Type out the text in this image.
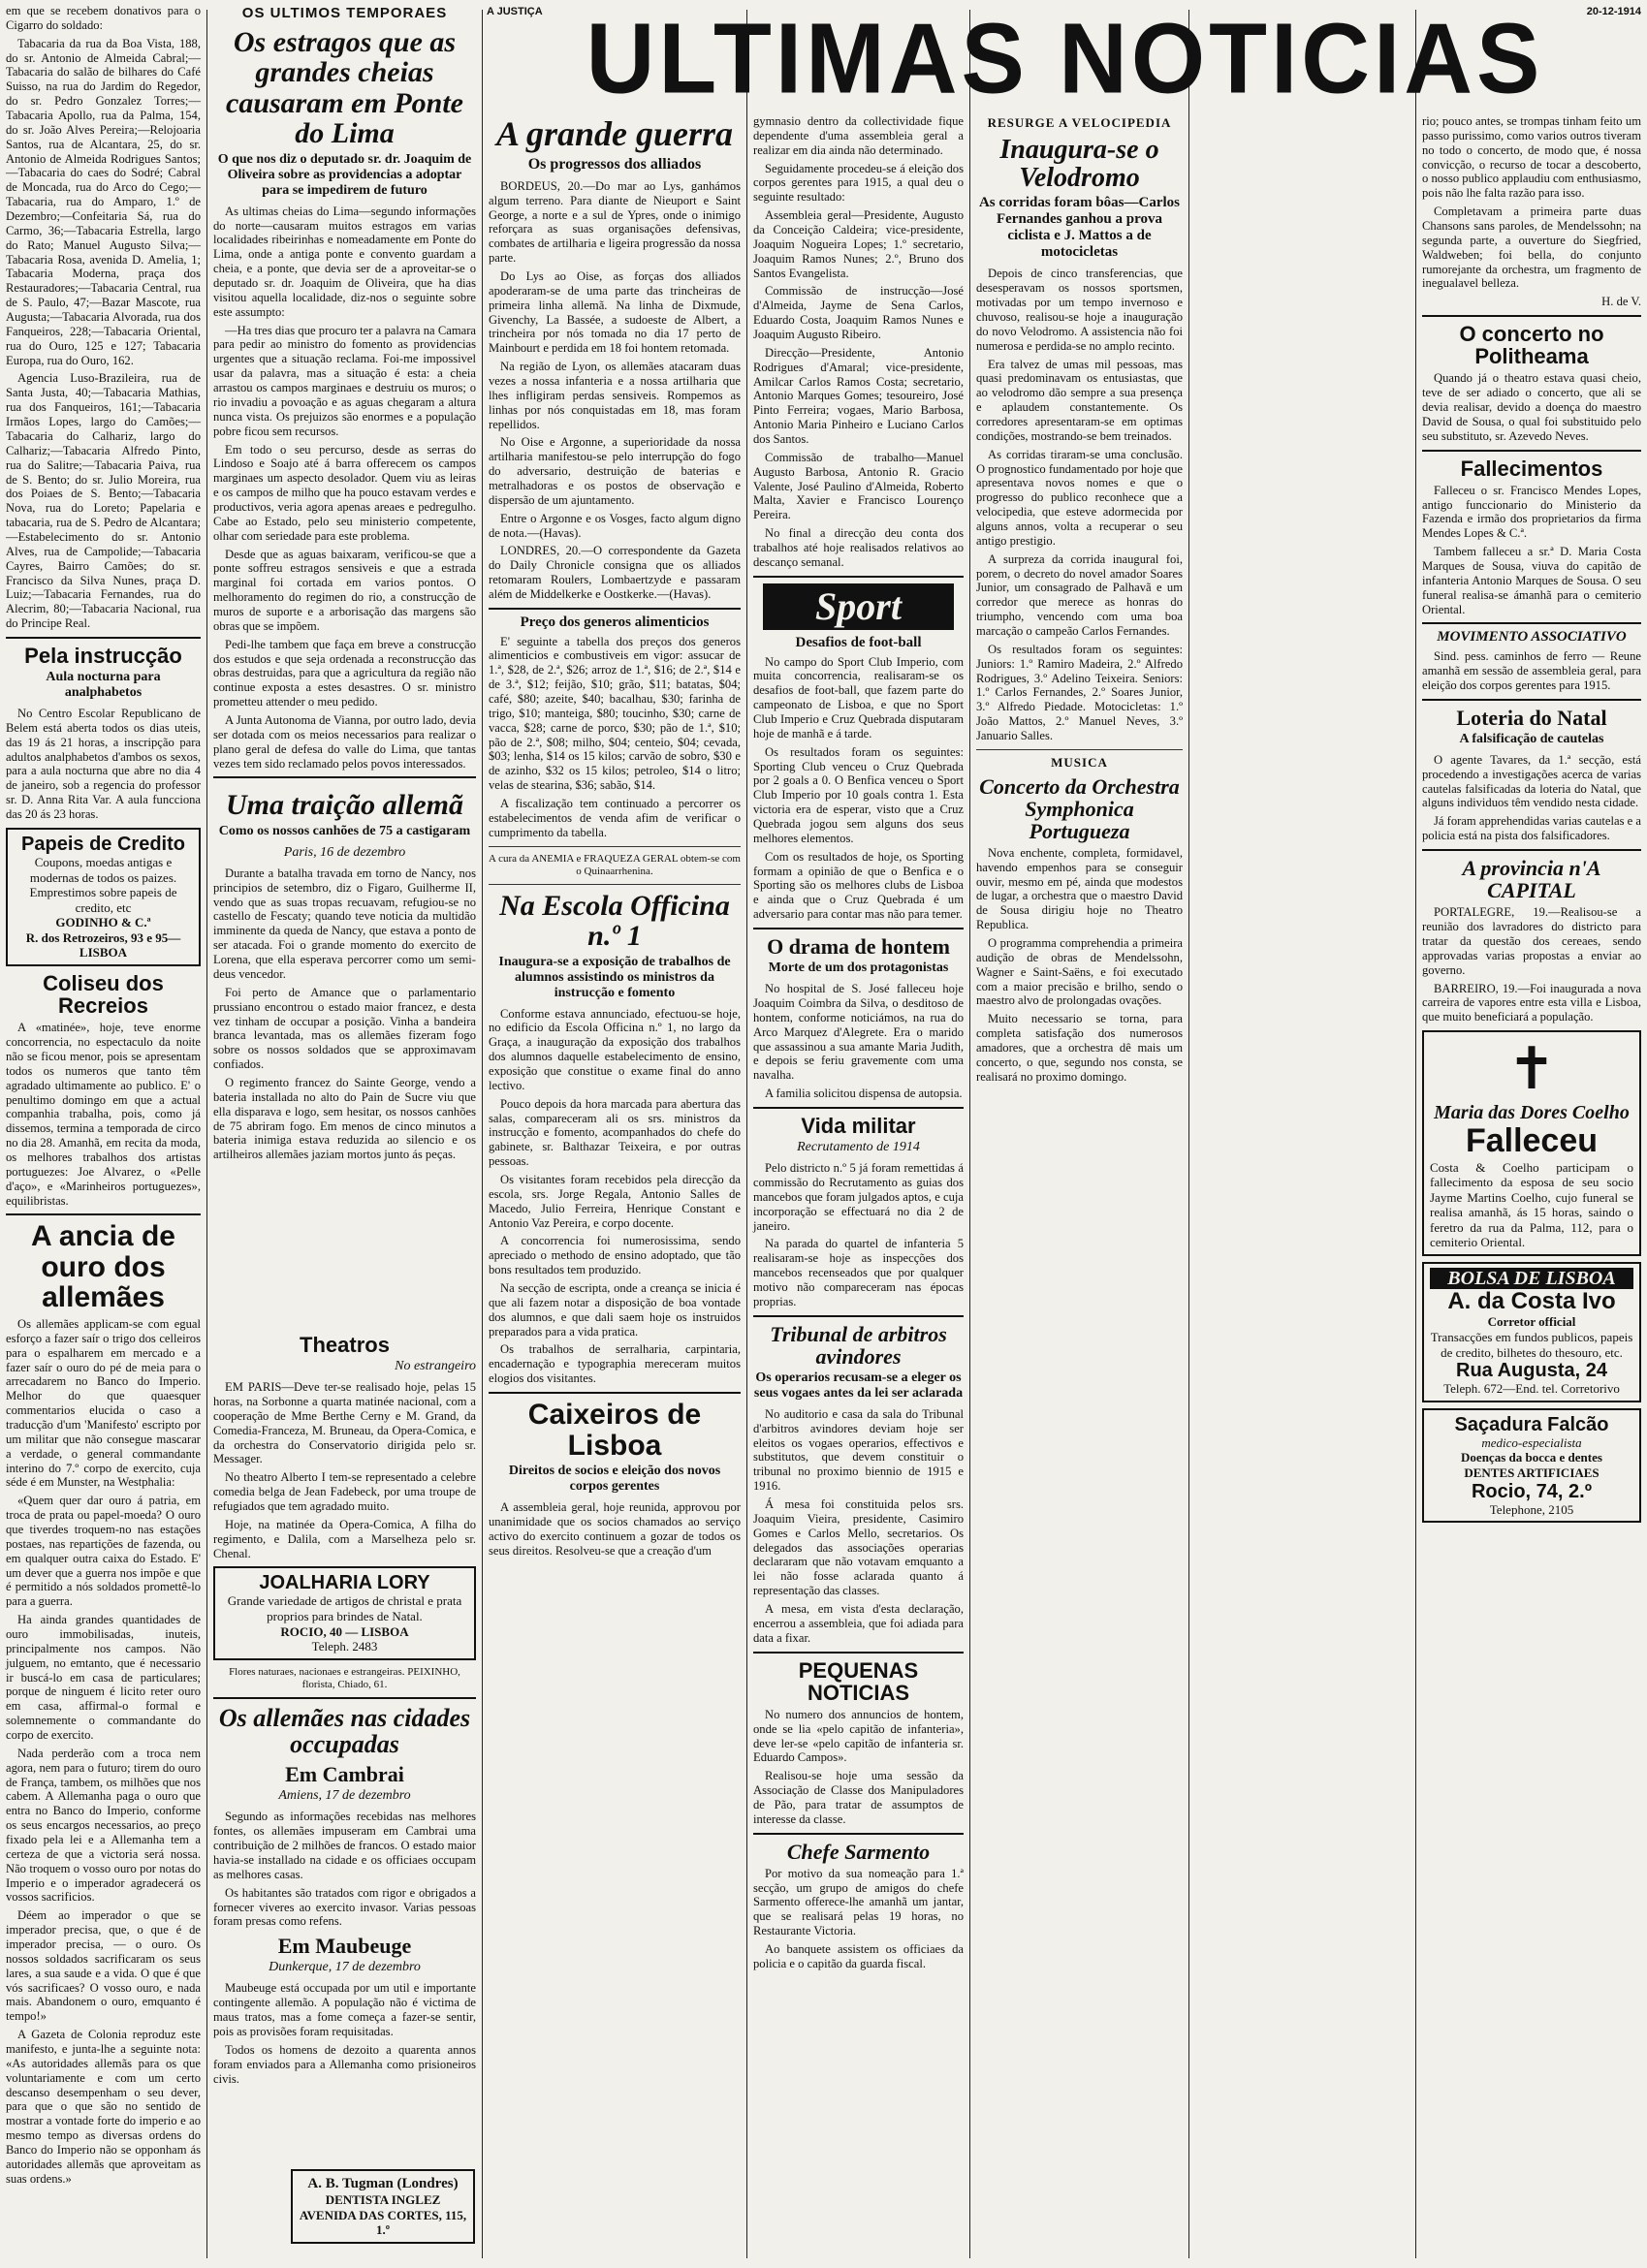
A JUSTIÇA	20-12-1914
ULTIMAS NOTICIAS

em que se recebem donativos para o Cigarro do soldado:

Tabacaria da rua da Boa Vista, 188, do sr. Antonio de Almeida Cabral;—Tabacaria do salão de bilhares do Café Suisso, na rua do Jardim do Regedor, do sr. Pedro Gonzalez Torres;—Tabacaria Apollo, rua da Palma, 154, do sr. João Alves Pereira;—Relojoaria Santos, rua de Alcantara, 25, do sr. Antonio de Almeida Rodrigues Santos;—Tabacaria do caes do Sodré; Cabral de Moncada, rua do Arco do Cego;—Tabacaria, rua do Amparo, 1.º de Dezembro;—Confeitaria Sá, rua do Carmo, 36;—Tabacaria Estrella, largo do Rato; Manuel Augusto Silva;—Tabacaria Rosa, avenida D. Amelia, 1; Tabacaria Moderna, praça dos Restauradores;—Tabacaria Central, rua de S. Paulo, 47;—Bazar Mascote, rua Augusta;—Tabacaria Alvorada, rua dos Fanqueiros, 228;—Tabacaria Oriental, rua do Ouro, 125 e 127; Tabacaria Europa, rua do Ouro, 162.

Agencia Luso-Brazileira, rua de Santa Justa, 40;—Tabacaria Mathias, rua dos Fanqueiros, 161;—Tabacaria Irmãos Lopes, largo do Camões;—Tabacaria do Calhariz, largo do Calhariz;—Tabacaria Alfredo Pinto, rua do Salitre;—Tabacaria Paiva, rua de S. Bento; do sr. Julio Moreira, rua dos Poiaes de S. Bento;—Tabacaria Nova, rua do Loreto; Papelaria e tabacaria, rua de S. Pedro de Alcantara;—Estabelecimento do sr. Antonio Alves, rua de Campolide;—Tabacaria Cayres, Bairro Camões; do sr. Francisco da Silva Nunes, praça D. Luiz;—Tabacaria Fernandes, rua do Alecrim, 80;—Tabacaria Nacional, rua do Principe Real.

Pela instrucção
Aula nocturna para analphabetos

No Centro Escolar Republicano de Belem está aberta todos os dias uteis, das 19 ás 21 horas, a inscripção para adultos analphabetos d'ambos os sexos, para a aula nocturna que abre no dia 4 de janeiro, sob a regencia do professor sr. D. Anna Rita Var. A aula funcciona das 20 ás 23 horas.

Papeis de Credito
Coupons, moedas antigas e modernas de todos os paizes.
Emprestimos sobre papeis de credito, etc
GODINHO & C.ª
R. dos Retrozeiros, 93 e 95—LISBOA
Coliseu dos Recreios

A «matinée», hoje, teve enorme concorrencia, no espectaculo da noite não se ficou menor, pois se apresentam todos os numeros que tanto têm agradado ultimamente ao publico. E' o penultimo domingo em que a actual companhia trabalha, pois, como já dissemos, termina a temporada de circo no dia 28. Amanhã, em recita da moda, os melhores trabalhos dos artistas portuguezes: Joe Alvarez, o «Pelle d'aço», e «Marinheiros portuguezes», equilibristas.

A ancia de ouro dos allemães

Os allemães applicam-se com egual esforço a fazer saír o trigo dos celleiros para o espalharem em mercado e a fazer saír o ouro do pé de meia para o arrecadarem no Banco do Imperio. Melhor do que quaesquer commentarios elucida o caso a traducção d'um 'Manifesto' escripto por um militar que não consegue mascarar a verdade, o general commandante interino do 7.º corpo de exercito, cuja séde é em Munster, na Westphalia:

«Quem quer dar ouro á patria, em troca de prata ou papel-moeda? O ouro que tiverdes troquem-no nas estações postaes, nas repartições de fazenda, ou em qualquer outra caixa do Estado. E' um dever que a guerra nos impõe e que é permitido a nós soldados promettê-lo para a guerra.

Ha ainda grandes quantidades de ouro immobilisadas, inuteis, principalmente nos campos. Não julguem, no emtanto, que é necessario ir buscá-lo em casa de particulares; porque de ninguem é licito reter ouro em casa, affirmal-o formal e solemnemente o commandante do corpo de exercito.

Nada perderão com a troca nem agora, nem para o futuro; tirem do ouro de França, tambem, os milhões que nos cabem. A Allemanha paga o ouro que entra no Banco do Imperio, conforme os seus encargos necessarios, ao preço fixado pela lei e a Allemanha tem a certeza de que a victoria será nossa. Não troquem o vosso ouro por notas do Imperio e o imperador agradecerá os vossos sacrificios.

Déem ao imperador o que se imperador precisa, que, o que é de imperador precisa, — o ouro. Os nossos soldados sacrificaram os seus lares, a sua saude e a vida. O que é que vós sacrificaes? O vosso ouro, e nada mais. Abandonem o ouro, emquanto é tempo!»

A Gazeta de Colonia reproduz este manifesto, e junta-lhe a seguinte nota: «As autoridades allemãs para os que voluntariamente e com um certo descanso desempenham o seu dever, para que o que são no sentido de mostrar a vontade forte do imperio e ao mesmo tempo as diversas ordens do Banco do Imperio não se opponham ás autoridades allemãs que aproveitam as suas ordens.»

OS ULTIMOS TEMPORAES
Os estragos que as grandes cheias causaram em Ponte do Lima
O que nos diz o deputado sr. dr. Joaquim de Oliveira sobre as providencias a adoptar para se impedirem de futuro

As ultimas cheias do Lima—segundo informações do norte—causaram muitos estragos em varias localidades ribeirinhas e nomeadamente em Ponte do Lima, onde a antiga ponte e convento guardam a cheia, e a ponte, que devia ser de a aproveitar-se o deputado sr. dr. Joaquim de Oliveira, que ha dias visitou aquella localidade, diz-nos o seguinte sobre este assumpto:

—Ha tres dias que procuro ter a palavra na Camara para pedir ao ministro do fomento as providencias urgentes que a situação reclama. Foi-me impossivel usar da palavra, mas a situação é esta: a cheia arrastou os campos marginaes e destruiu os muros; o rio invadiu a povoação e as aguas chegaram a altura nunca vista. Os prejuizos são enormes e a população pobre ficou sem recursos.

Em todo o seu percurso, desde as serras do Lindoso e Soajo até á barra offerecem os campos marginaes um aspecto desolador. Quem viu as leiras e os campos de milho que ha pouco estavam verdes e productivos, veria agora apenas areaes e pedregulho. Cabe ao Estado, pelo seu ministerio competente, olhar com seriedade para este problema.

Desde que as aguas baixaram, verificou-se que a ponte soffreu estragos sensiveis e que a estrada marginal foi cortada em varios pontos. O melhoramento do regimen do rio, a construcção de muros de suporte e a arborisação das margens são obras que se impõem.

Pedi-lhe tambem que faça em breve a construcção dos estudos e que seja ordenada a reconstrucção das obras destruidas, para que a agricultura da região não continue exposta a estes desastres. O sr. ministro prometteu attender o meu pedido.

A Junta Autonoma de Vianna, por outro lado, devia ser dotada com os meios necessarios para realizar o plano geral de defesa do valle do Lima, que tantas vezes tem sido reclamado pelos povos interessados.

Uma traição allemã
Como os nossos canhões de 75 a castigaram
Paris, 16 de dezembro

Durante a batalha travada em torno de Nancy, nos principios de setembro, diz o Figaro, Guilherme II, vendo que as suas tropas recuavam, refugiou-se no castello de Fescaty; quando teve noticia da multidão imminente da queda de Nancy, que estava a ponto de ser atacada. Foi o grande momento do exercito de Lorena, que ella esperava percorrer como um semi-deus vencedor.

Foi perto de Amance que o parlamentario prussiano encontrou o estado maior francez, e desta vez tinham de occupar a posição. Vinha a bandeira branca levantada, mas os allemães fizeram fogo sobre os nossos soldados que se approximavam confiados.

O regimento francez do Sainte George, vendo a bateria installada no alto do Pain de Sucre viu que ella disparava e logo, sem hesitar, os nossos canhões de 75 abriram fogo. Em menos de cinco minutos a bateria inimiga estava reduzida ao silencio e os artilheiros allemães jaziam mortos junto ás peças.

A grande guerra
Os progressos dos alliados

BORDEUS, 20.—Do mar ao Lys, ganhámos algum terreno. Para diante de Nieuport e Saint George, a norte e a sul de Ypres, onde o inimigo reforçara as suas organisações defensivas, combates de artilharia e ligeira progressão da nossa parte.

Do Lys ao Oise, as forças dos alliados apoderaram-se de uma parte das trincheiras de primeira linha allemã. Na linha de Dixmude, Givenchy, La Bassée, a sudoeste de Albert, a trincheira por nós tomada no dia 17 perto de Mainbourt e perdida em 18 foi hontem retomada.

Na região de Lyon, os allemães atacaram duas vezes a nossa infanteria e a nossa artilharia que lhes infligiram perdas sensiveis. Rompemos as linhas por nós conquistadas em 18, mas foram repellidos.

No Oise e Argonne, a superioridade da nossa artilharia manifestou-se pelo interrupção do fogo do adversario, destruição de baterias e metralhadoras e os postos de observação e dispersão de um ajuntamento.

Entre o Argonne e os Vosges, facto algum digno de nota.—(Havas).

LONDRES, 20.—O correspondente da Gazeta do Daily Chronicle consigna que os alliados retomaram Roulers, Lombaertzyde e passaram além de Middelkerke e Oostkerke.—(Havas).

Preço dos generos alimenticios

E' seguinte a tabella dos preços dos generos alimenticios e combustiveis em vigor: assucar de 1.ª, $28, de 2.ª, $26; arroz de 1.ª, $16; de 2.ª, $14 e de 3.ª, $12; feijão, $10; grão, $11; batatas, $04; café, $80; azeite, $40; bacalhau, $30; farinha de trigo, $10; manteiga, $80; toucinho, $30; carne de vacca, $28; carne de porco, $30; pão de 1.ª, $10; pão de 2.ª, $08; milho, $04; centeio, $04; cevada, $03; lenha, $14 os 15 kilos; carvão de sobro, $30 e de azinho, $32 os 15 kilos; petroleo, $14 o litro; velas de stearina, $36; sabão, $14.

A fiscalização tem continuado a percorrer os estabelecimentos de venda afim de verificar o cumprimento da tabella.

A cura da ANEMIA e FRAQUEZA GERAL obtem-se com o Quinaarrhenina.

Na Escola Officina n.º 1
Inaugura-se a exposição de trabalhos de alumnos assistindo os ministros da instrucção e fomento

Conforme estava annunciado, efectuou-se hoje, no edificio da Escola Officina n.º 1, no largo da Graça, a inauguração da exposição dos trabalhos dos alumnos daquelle estabelecimento de ensino, exposição que constitue o exame final do anno lectivo.

Pouco depois da hora marcada para abertura das salas, compareceram ali os srs. ministros da instrucção e fomento, acompanhados do chefe do gabinete, sr. Balthazar Teixeira, e por outras pessoas.

Os visitantes foram recebidos pela direcção da escola, srs. Jorge Regala, Antonio Salles de Macedo, Julio Ferreira, Henrique Constant e Antonio Vaz Pereira, e corpo docente.

A concorrencia foi numerosissima, sendo apreciado o methodo de ensino adoptado, que tão bons resultados tem produzido.

Na secção de escripta, onde a creança se inicia é que ali fazem notar a disposição de boa vontade dos alumnos, e que dali saem hoje os instruidos preparados para a vida pratica.

Os trabalhos de serralharia, carpintaria, encadernação e typographia mereceram muitos elogios dos visitantes.

Caixeiros de Lisboa
Direitos de socios e eleição dos novos corpos gerentes

A assembleia geral, hoje reunida, approvou por unanimidade que os socios chamados ao serviço activo do exercito continuem a gozar de todos os seus direitos. Resolveu-se que a creação d'um

gymnasio dentro da collectividade fique dependente d'uma assembleia geral a realizar em dia ainda não determinado.

Seguidamente procedeu-se á eleição dos corpos gerentes para 1915, a qual deu o seguinte resultado:

Assembleia geral—Presidente, Augusto da Conceição Caldeira; vice-presidente, Joaquim Nogueira Lopes; 1.º secretario, Joaquim Ramos Nunes; 2.º, Bruno dos Santos Evangelista.

Commissão de instrucção—José d'Almeida, Jayme de Sena Carlos, Eduardo Costa, Joaquim Ramos Nunes e Joaquim Augusto Ribeiro.

Direcção—Presidente, Antonio Rodrigues d'Amaral; vice-presidente, Amilcar Carlos Ramos Costa; secretario, Antonio Marques Gomes; tesoureiro, José Pinto Ferreira; vogaes, Mario Barbosa, Antonio Maria Pinheiro e Luciano Carlos dos Santos.

Commissão de trabalho—Manuel Augusto Barbosa, Antonio R. Gracio Valente, José Paulino d'Almeida, Roberto Malta, Xavier e Francisco Lourenço Pereira.

No final a direcção deu conta dos trabalhos até hoje realisados relativos ao descanço semanal.

Sport
Desafios de foot-ball

No campo do Sport Club Imperio, com muita concorrencia, realisaram-se os desafios de foot-ball, que fazem parte do campeonato de Lisboa, e que no Sport Club Imperio e Cruz Quebrada disputaram hoje de manhã e á tarde.

Os resultados foram os seguintes: Sporting Club venceu o Cruz Quebrada por 2 goals a 0. O Benfica venceu o Sport Club Imperio por 10 goals contra 1. Esta victoria era de esperar, visto que a Cruz Quebrada jogou sem alguns dos seus melhores elementos.

Com os resultados de hoje, os Sporting formam a opinião de que o Benfica e o Sporting são os melhores clubs de Lisboa e ainda que o Cruz Quebrada é um adversario para contar mas não para temer.

O drama de hontem
Morte de um dos protagonistas

No hospital de S. José falleceu hoje Joaquim Coimbra da Silva, o desditoso de hontem, conforme noticiámos, na rua do Arco Marquez d'Alegrete. Era o marido que assassinou a sua amante Maria Judith, e depois se feriu gravemente com uma navalha.

A familia solicitou dispensa de autopsia.

Vida militar
Recrutamento de 1914

Pelo districto n.º 5 já foram remettidas á commissão do Recrutamento as guias dos mancebos que foram julgados aptos, e cuja incorporação se effectuará no dia 2 de janeiro.

Na parada do quartel de infanteria 5 realisaram-se hoje as inspecções dos mancebos recenseados que por qualquer motivo não compareceram nas épocas proprias.

Tribunal de arbitros avindores
Os operarios recusam-se a eleger os seus vogaes antes da lei ser aclarada

No auditorio e casa da sala do Tribunal d'arbitros avindores deviam hoje ser eleitos os vogaes operarios, effectivos e substitutos, que devem constituir o tribunal no proximo biennio de 1915 e 1916.

Á mesa foi constituida pelos srs. Joaquim Vieira, presidente, Casimiro Gomes e Carlos Mello, secretarios. Os delegados das associações operarias declararam que não votavam emquanto a lei não fosse aclarada quanto á representação das classes.

A mesa, em vista d'esta declaração, encerrou a assembleia, que foi adiada para data a fixar.

PEQUENAS NOTICIAS

No numero dos annuncios de hontem, onde se lia «pelo capitão de infanteria», deve ler-se «pelo capitão de infanteria sr. Eduardo Campos».

Realisou-se hoje uma sessão da Associação de Classe dos Manipuladores de Pão, para tratar de assumptos de interesse da classe.

Chefe Sarmento

Por motivo da sua nomeação para 1.ª secção, um grupo de amigos do chefe Sarmento offerece-lhe amanhã um jantar, que se realisará pelas 19 horas, no Restaurante Victoria.

Ao banquete assistem os officiaes da policia e o capitão da guarda fiscal.

RESURGE A VELOCIPEDIA
Inaugura-se o Velodromo
As corridas foram bôas—Carlos Fernandes ganhou a prova ciclista e J. Mattos a de motocicletas

Depois de cinco transferencias, que desesperavam os nossos sportsmen, motivadas por um tempo invernoso e chuvoso, realisou-se hoje a inauguração do novo Velodromo. A assistencia não foi numerosa e perdida-se no amplo recinto.

Era talvez de umas mil pessoas, mas quasi predominavam os entusiastas, que ao velodromo dão sempre a sua presença e aplaudem constantemente. Os corredores apresentaram-se em optimas condições, mostrando-se bem treinados.

As corridas tiraram-se uma conclusão. O prognostico fundamentado por hoje que apresentava novos nomes e que o progresso do publico reconhece que a velocipedia, que esteve adormecida por alguns annos, volta a recuperar o seu antigo prestigio.

A surpreza da corrida inaugural foi, porem, o decreto do novel amador Soares Junior, um consagrado de Palhavã e um corredor que merece as honras do triumpho, vencendo com uma boa marcação o campeão Carlos Fernandes.

Os resultados foram os seguintes: Juniors: 1.º Ramiro Madeira, 2.º Alfredo Rodrigues, 3.º Adelino Teixeira. Seniors: 1.º Carlos Fernandes, 2.º Soares Junior, 3.º Alfredo Piedade. Motocicletas: 1.º João Mattos, 2.º Manuel Neves, 3.º Januario Salles.

MUSICA
Concerto da Orchestra Symphonica Portugueza

Nova enchente, completa, formidavel, havendo empenhos para se conseguir ouvir, mesmo em pé, ainda que modestos de lugar, a orchestra que o maestro David de Sousa dirigiu hoje no Theatro Republica.

O programma comprehendia a primeira audição de obras de Mendelssohn, Wagner e Saint-Saëns, e foi executado com a maior precisão e brilho, sendo o maestro alvo de prolongadas ovações.

Muito necessario se torna, para completa satisfação dos numerosos amadores, que a orchestra dê mais um concerto, o que, segundo nos consta, se realisará no proximo domingo.

rio; pouco antes, se trompas tinham feito um passo purissimo, como varios outros tiveram no todo o concerto, de modo que, é nossa convicção, o recurso de tocar a descoberto, o nosso publico applaudiu com enthusiasmo, pois não lhe falta razão para isso.

Completavam a primeira parte duas Chansons sans paroles, de Mendelssohn; na segunda parte, a ouverture do Siegfried, Waldweben; foi bella, do conjunto rumorejante da orchestra, um fragmento de inegualavel belleza.

H. de V.

O concerto no Politheama

Quando já o theatro estava quasi cheio, teve de ser adiado o concerto, que ali se devia realisar, devido a doença do maestro David de Sousa, o qual foi substituido pelo seu substituto, sr. Azevedo Neves.

Fallecimentos

Falleceu o sr. Francisco Mendes Lopes, antigo funccionario do Ministerio da Fazenda e irmão dos proprietarios da firma Mendes Lopes & C.ª.

Tambem falleceu a sr.ª D. Maria Costa Marques de Sousa, viuva do capitão de infanteria Antonio Marques de Sousa. O seu funeral realisa-se ámanhã para o cemiterio Oriental.

MOVIMENTO ASSOCIATIVO

Sind. pess. caminhos de ferro — Reune amanhã em sessão de assembleia geral, para eleição dos corpos gerentes para 1915.

Loteria do Natal
A falsificação de cautelas

O agente Tavares, da 1.ª secção, está procedendo a investigações acerca de varias cautelas falsificadas da loteria do Natal, que alguns individuos têm vendido nesta cidade.

Já foram apprehendidas varias cautelas e a policia está na pista dos falsificadores.

A provincia n'A CAPITAL

PORTALEGRE, 19.—Realisou-se a reunião dos lavradores do districto para tratar da questão dos cereaes, sendo approvadas varias propostas a enviar ao governo.

BARREIRO, 19.—Foi inaugurada a nova carreira de vapores entre esta villa e Lisboa, que muito beneficiará a população.

✝
Maria das Dores Coelho
Falleceu
Costa & Coelho participam o fallecimento da esposa de seu socio Jayme Martins Coelho, cujo funeral se realisa amanhã, ás 15 horas, saindo o feretro da rua da Palma, 112, para o cemiterio Oriental.
BOLSA DE LISBOA
A. da Costa Ivo
Corretor official
Transacções em fundos publicos, papeis de credito, bilhetes do thesouro, etc.
Rua Augusta, 24
Teleph. 672—End. tel. Corretorivo
Saçadura Falcão
medico-especialista
Doenças da bocca e dentes
DENTES ARTIFICIAES
Rocio, 74, 2.º
Telephone, 2105
Theatros
No estrangeiro

EM PARIS—Deve ter-se realisado hoje, pelas 15 horas, na Sorbonne a quarta matinée nacional, com a cooperação de Mme Berthe Cerny e M. Grand, da Comedia-Franceza, M. Bruneau, da Opera-Comica, e da orchestra do Conservatorio dirigida pelo sr. Messager.

No theatro Alberto I tem-se representado a celebre comedia belga de Jean Fadebeck, por uma troupe de refugiados que tem agradado muito.

Hoje, na matinée da Opera-Comica, A filha do regimento, e Dalila, com a Marselheza pelo sr. Chenal.

JOALHARIA LORY
Grande variedade de artigos de christal e prata proprios para brindes de Natal.
ROCIO, 40 — LISBOA
Teleph. 2483

Flores naturaes, nacionaes e estrangeiras. PEIXINHO, florista, Chiado, 61.

Os allemães nas cidades occupadas
Em Cambrai
Amiens, 17 de dezembro

Segundo as informações recebidas nas melhores fontes, os allemães impuseram em Cambrai uma contribuição de 2 milhões de francos. O estado maior havia-se installado na cidade e os officiaes occupam as melhores casas.

Os habitantes são tratados com rigor e obrigados a fornecer viveres ao exercito invasor. Varias pessoas foram presas como refens.

Em Maubeuge
Dunkerque, 17 de dezembro

Maubeuge está occupada por um util e importante contingente allemão. A população não é victima de maus tratos, mas a fome começa a fazer-se sentir, pois as provisões foram requisitadas.

Todos os homens de dezoito a quarenta annos foram enviados para a Allemanha como prisioneiros civis.

A. B. Tugman (Londres)
DENTISTA INGLEZ
AVENIDA DAS CORTES, 115, 1.º
